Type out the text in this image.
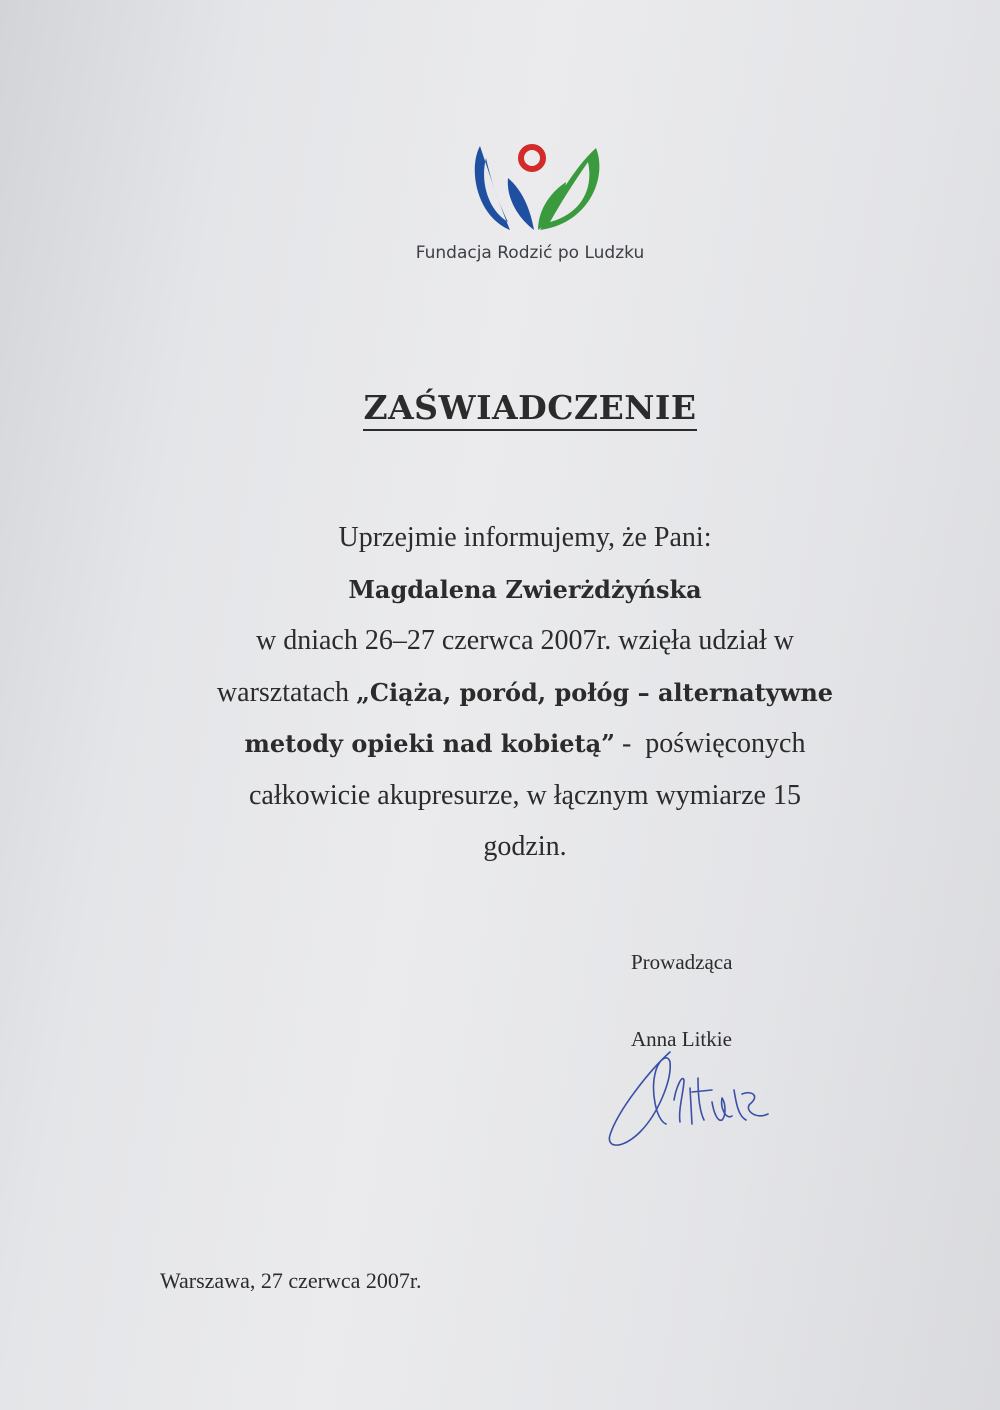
Fundacja Rodzić po Ludzku
ZAŚWIADCZENIE
Uprzejmie informujemy, że Pani:
Magdalena Zwierżdżyńska
w dniach 26–27 czerwca 2007r. wzięła udział w
warsztatach „Ciąża, poród, połóg – alternatywne
metody opieki nad kobietą” -  poświęconych
całkowicie akupresurze, w łącznym wymiarze 15
godzin.
Prowadząca
Anna Litkie
Warszawa, 27 czerwca 2007r.
